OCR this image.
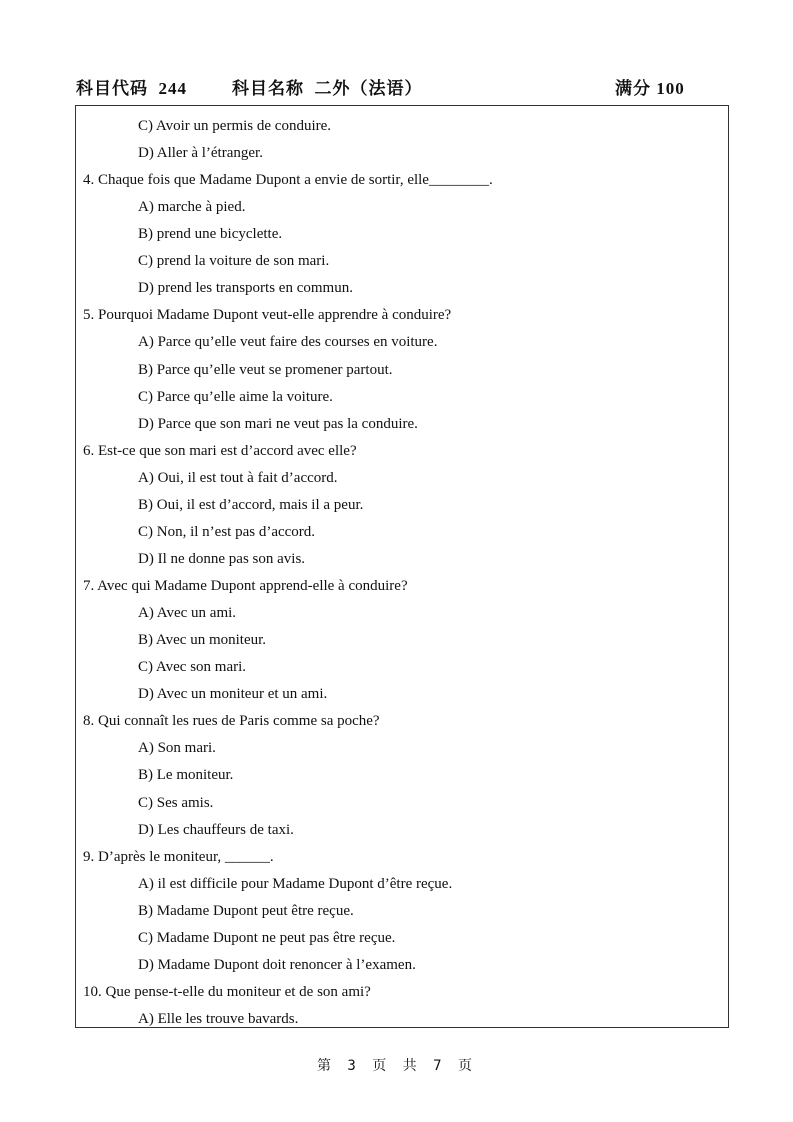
科目代码 244	科目名称 二外（法语）	满分 100
C) Avoir un permis de conduire.
D) Aller à l’étranger.
4. Chaque fois que Madame Dupont a envie de sortir, elle________.
A) marche à pied.
B) prend une bicyclette.
C) prend la voiture de son mari.
D) prend les transports en commun.
5. Pourquoi Madame Dupont veut-elle apprendre à conduire?
A) Parce qu’elle veut faire des courses en voiture.
B) Parce qu’elle veut se promener partout.
C) Parce qu’elle aime la voiture.
D) Parce que son mari ne veut pas la conduire.
6. Est-ce que son mari est d’accord avec elle?
A) Oui, il est tout à fait d’accord.
B) Oui, il est d’accord, mais il a peur.
C) Non, il n’est pas d’accord.
D) Il ne donne pas son avis.
7. Avec qui Madame Dupont apprend-elle à conduire?
A) Avec un ami.
B) Avec un moniteur.
C) Avec son mari.
D) Avec un moniteur et un ami.
8. Qui connaît les rues de Paris comme sa poche?
A) Son mari.
B) Le moniteur.
C) Ses amis.
D) Les chauffeurs de taxi.
9. D’après le moniteur, ______.
A) il est difficile pour Madame Dupont d’être reçue.
B) Madame Dupont peut être reçue.
C) Madame Dupont ne peut pas être reçue.
D) Madame Dupont doit renoncer à l’examen.
10. Que pense-t-elle du moniteur et de son ami?
A) Elle les trouve bavards.
第 3 页 共 7 页
